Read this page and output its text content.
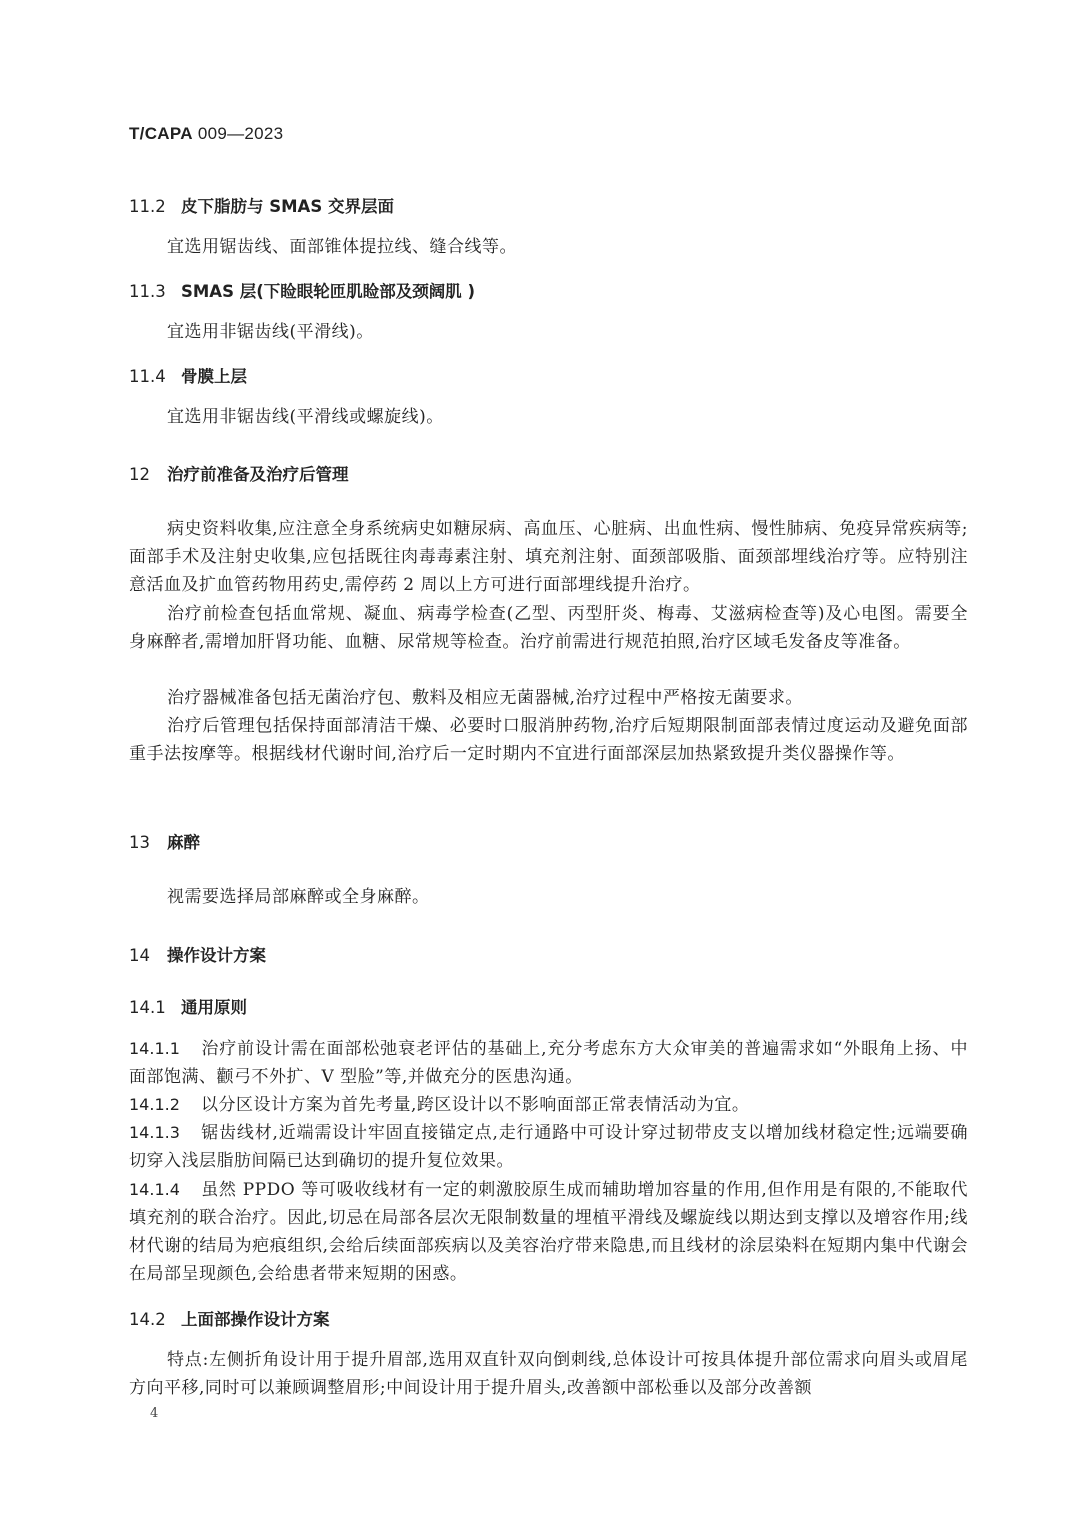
T/CAPA 009—2023
11.2 皮下脂肪与 SMAS 交界层面
宜选用锯齿线、面部锥体提拉线、缝合线等。
11.3 SMAS 层(下睑眼轮匝肌睑部及颈阔肌 )
宜选用非锯齿线(平滑线)。
11.4 骨膜上层
宜选用非锯齿线(平滑线或螺旋线)。
12 治疗前准备及治疗后管理
病史资料收集,应注意全身系统病史如糖尿病、高血压、心脏病、出血性病、慢性肺病、免疫异常疾病等;面部手术及注射史收集,应包括既往肉毒毒素注射、填充剂注射、面颈部吸脂、面颈部埋线治疗等。应特别注意活血及扩血管药物用药史,需停药 2 周以上方可进行面部埋线提升治疗。
治疗前检查包括血常规、凝血、病毒学检查(乙型、丙型肝炎、梅毒、艾滋病检查等)及心电图。需要全身麻醉者,需增加肝肾功能、血糖、尿常规等检查。治疗前需进行规范拍照,治疗区域毛发备皮等准备。
治疗器械准备包括无菌治疗包、敷料及相应无菌器械,治疗过程中严格按无菌要求。
治疗后管理包括保持面部清洁干燥、必要时口服消肿药物,治疗后短期限制面部表情过度运动及避免面部重手法按摩等。根据线材代谢时间,治疗后一定时期内不宜进行面部深层加热紧致提升类仪器操作等。
13 麻醉
视需要选择局部麻醉或全身麻醉。
14 操作设计方案
14.1 通用原则
14.1.1 治疗前设计需在面部松弛衰老评估的基础上,充分考虑东方大众审美的普遍需求如“外眼角上扬、中面部饱满、颧弓不外扩、V 型脸”等,并做充分的医患沟通。
14.1.2 以分区设计方案为首先考量,跨区设计以不影响面部正常表情活动为宜。
14.1.3 锯齿线材,近端需设计牢固直接锚定点,走行通路中可设计穿过韧带皮支以增加线材稳定性;远端要确切穿入浅层脂肪间隔已达到确切的提升复位效果。
14.1.4 虽然 PPDO 等可吸收线材有一定的刺激胶原生成而辅助增加容量的作用,但作用是有限的,不能取代填充剂的联合治疗。因此,切忌在局部各层次无限制数量的埋植平滑线及螺旋线以期达到支撑以及增容作用;线材代谢的结局为疤痕组织,会给后续面部疾病以及美容治疗带来隐患,而且线材的涂层染料在短期内集中代谢会在局部呈现颜色,会给患者带来短期的困惑。
14.2 上面部操作设计方案
特点:左侧折角设计用于提升眉部,选用双直针双向倒刺线,总体设计可按具体提升部位需求向眉头或眉尾方向平移,同时可以兼顾调整眉形;中间设计用于提升眉头,改善额中部松垂以及部分改善额
4
